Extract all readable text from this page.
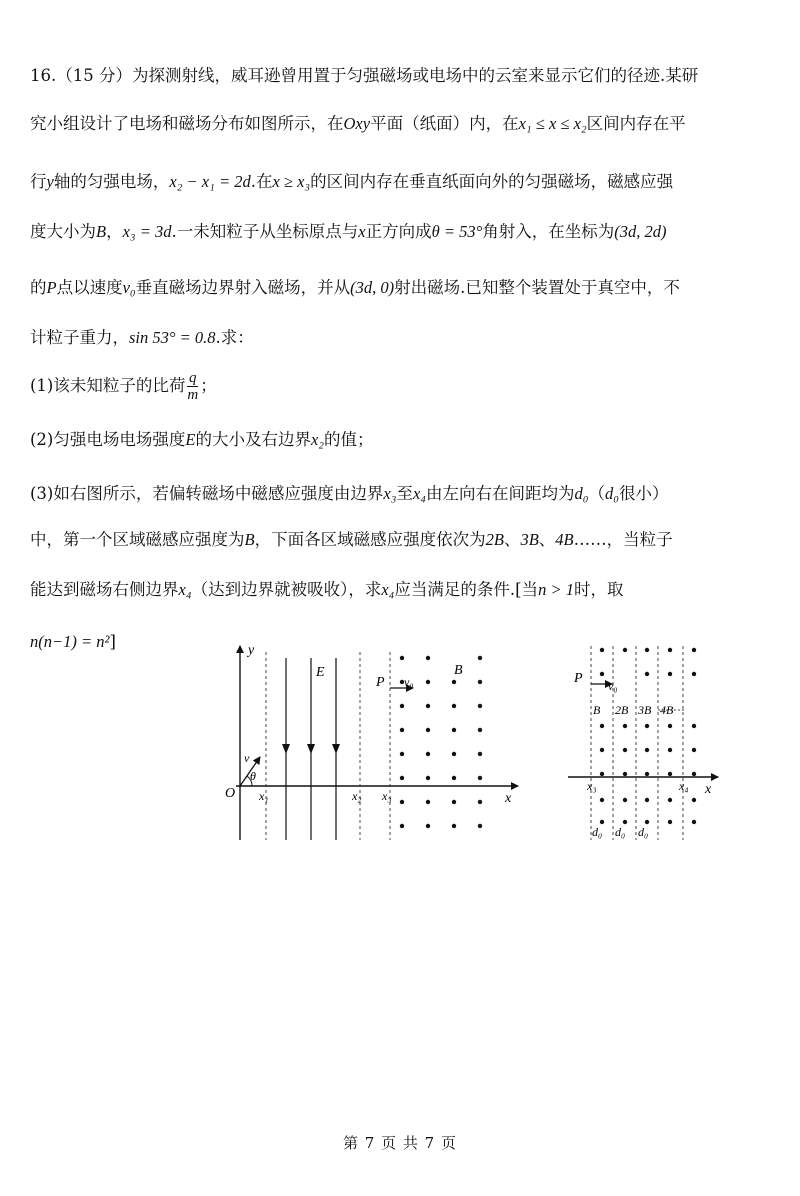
16.（15 分）为探测射线，威耳逊曾用置于匀强磁场或电场中的云室来显示它们的径迹.某研
究小组设计了电场和磁场分布如图所示，在Oxy平面（纸面）内，在x₁ ≤ x ≤ x₂区间内存在平
行y轴的匀强电场，x₂ − x₁ = 2d.在x ≥ x₃的区间内存在垂直纸面向外的匀强磁场，磁感应强
度大小为B，x₃ = 3d.一未知粒子从坐标原点与x正方向成θ = 53°角射入，在坐标为(3d, 2d)
的P点以速度v₀垂直磁场边界射入磁场，并从(3d, 0)射出磁场.已知整个装置处于真空中，不
计粒子重力，sin 53° = 0.8.求：
(1)该未知粒子的比荷 $\frac{q}{m}$ ；
(2)匀强电场电场强度E的大小及右边界x₂的值；
(3)如右图所示，若偏转磁场中磁感应强度由边界x₃至x₄由左向右在间距均为d₀（d₀很小）
中，第一个区域磁感应强度为B，下面各区域磁感应强度依次为2B、3B、4B……，当粒子
能达到磁场右侧边界x₄（达到边界就被吸收），求x₄应当满足的条件.[当n > 1时，取
n(n−1) = n²]	y
x
O x₁	x₂ x₃
E
v
θ
P v₀
B
x
P v₀
B 2B 3B 4B
x₃	x₄
d₀ d₀ d₀
第 7 页 共 7 页
